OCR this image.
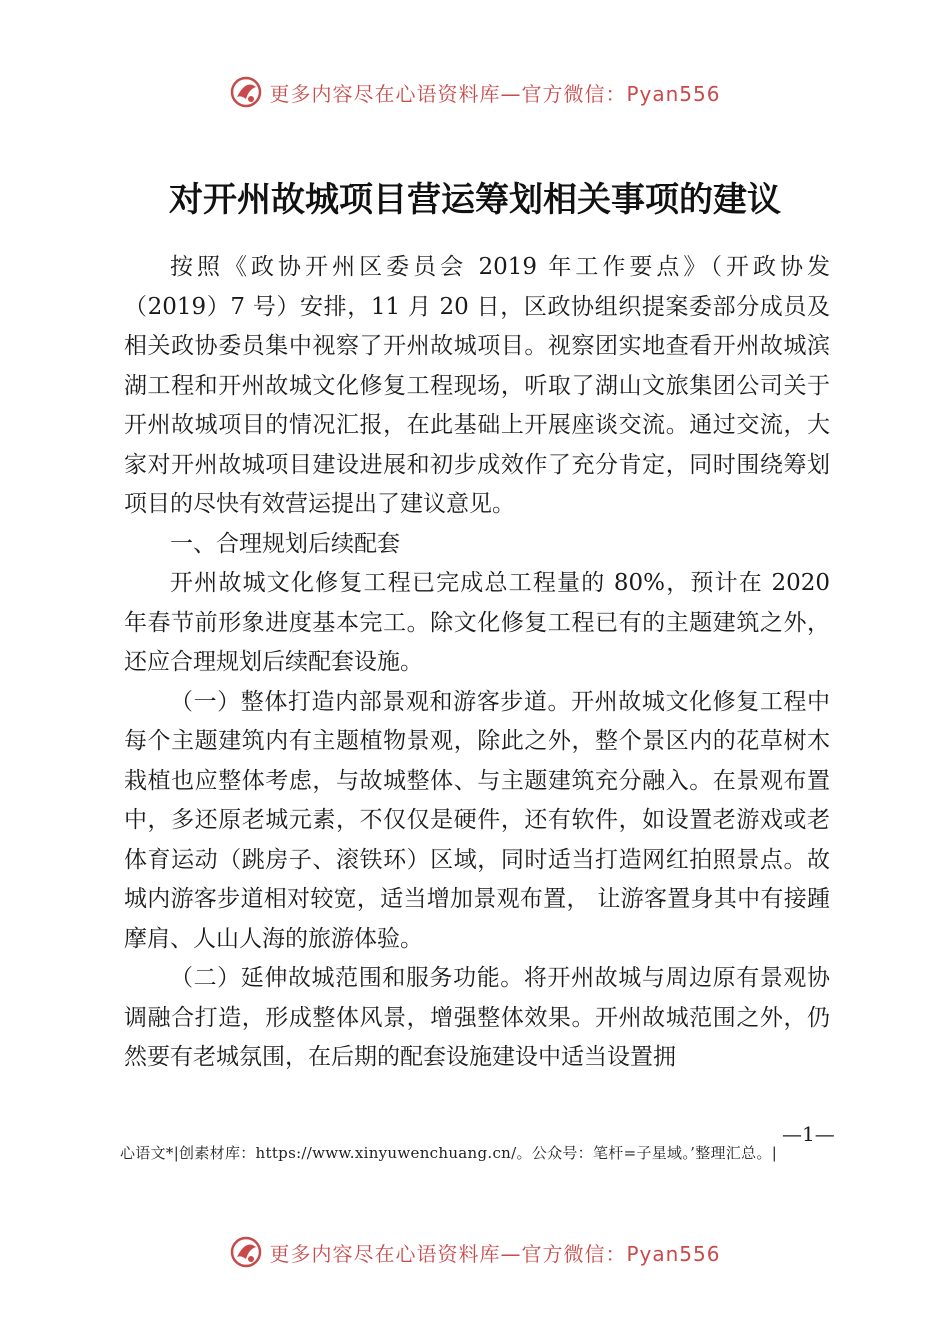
更多内容尽在心语资料库—官方微信：Pyan556
对开州故城项目营运筹划相关事项的建议

按照《政协开州区委员会 2019 年工作要点》（开政协发（2019）7 号）安排，11 月 20 日，区政协组织提案委部分成员及相关政协委员集中视察了开州故城项目。视察团实地查看开州故城滨湖工程和开州故城文化修复工程现场，听取了湖山文旅集团公司关于开州故城项目的情况汇报，在此基础上开展座谈交流。通过交流，大家对开州故城项目建设进展和初步成效作了充分肯定，同时围绕筹划项目的尽快有效营运提出了建议意见。

一、合理规划后续配套

开州故城文化修复工程已完成总工程量的 80%，预计在 2020 年春节前形象进度基本完工。除文化修复工程已有的主题建筑之外，还应合理规划后续配套设施。

（一）整体打造内部景观和游客步道。开州故城文化修复工程中每个主题建筑内有主题植物景观，除此之外，整个景区内的花草树木栽植也应整体考虑，与故城整体、与主题建筑充分融入。在景观布置中，多还原老城元素，不仅仅是硬件，还有软件，如设置老游戏或老体育运动（跳房子、滚铁环）区域，同时适当打造网红拍照景点。故城内游客步道相对较宽，适当增加景观布置， 让游客置身其中有接踵摩肩、人山人海的旅游体验。

（二）延伸故城范围和服务功能。将开州故城与周边原有景观协调融合打造，形成整体风景，增强整体效果。开州故城范围之外，仍然要有老城氛围，在后期的配套设施建设中适当设置拥

—1—
心语文*|创素材库：https://www.xinyuwenchuang.cn/。公众号：笔杆=子星域。’整理汇总。|
更多内容尽在心语资料库—官方微信：Pyan556
